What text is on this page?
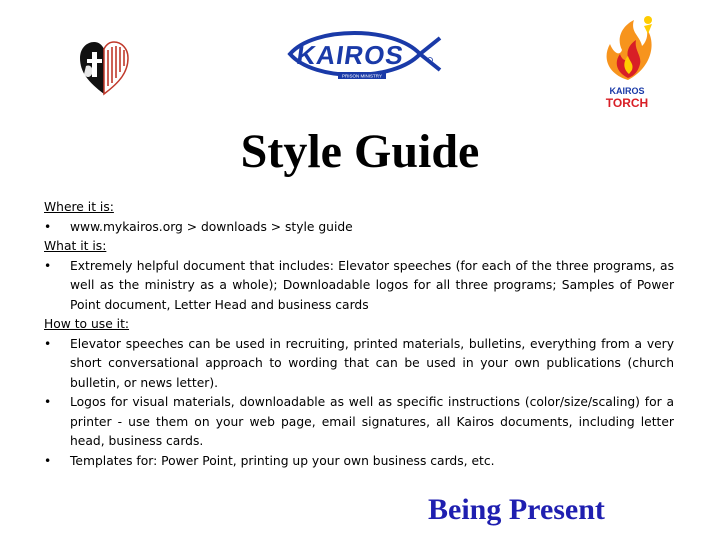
KAIROS
PRISON MINISTRY
KAIROS
TORCH
Style Guide
Where it is:
• www.mykairos.org > downloads > style guide
What it is:
• Extremely helpful document that includes: Elevator speeches (for each of the three programs, as well as the ministry as a whole); Downloadable logos for all three programs; Samples of Power Point document, Letter Head and business cards
How to use it:
• Elevator speeches can be used in recruiting, printed materials, bulletins, everything from a very short conversational approach to wording that can be used in your own publications (church bulletin, or news letter).
• Logos for visual materials, downloadable as well as specific instructions (color/size/scaling) for a printer - use them on your web page, email signatures, all Kairos documents, including letter head, business cards.
• Templates for: Power Point, printing up your own business cards, etc.
Being Present
